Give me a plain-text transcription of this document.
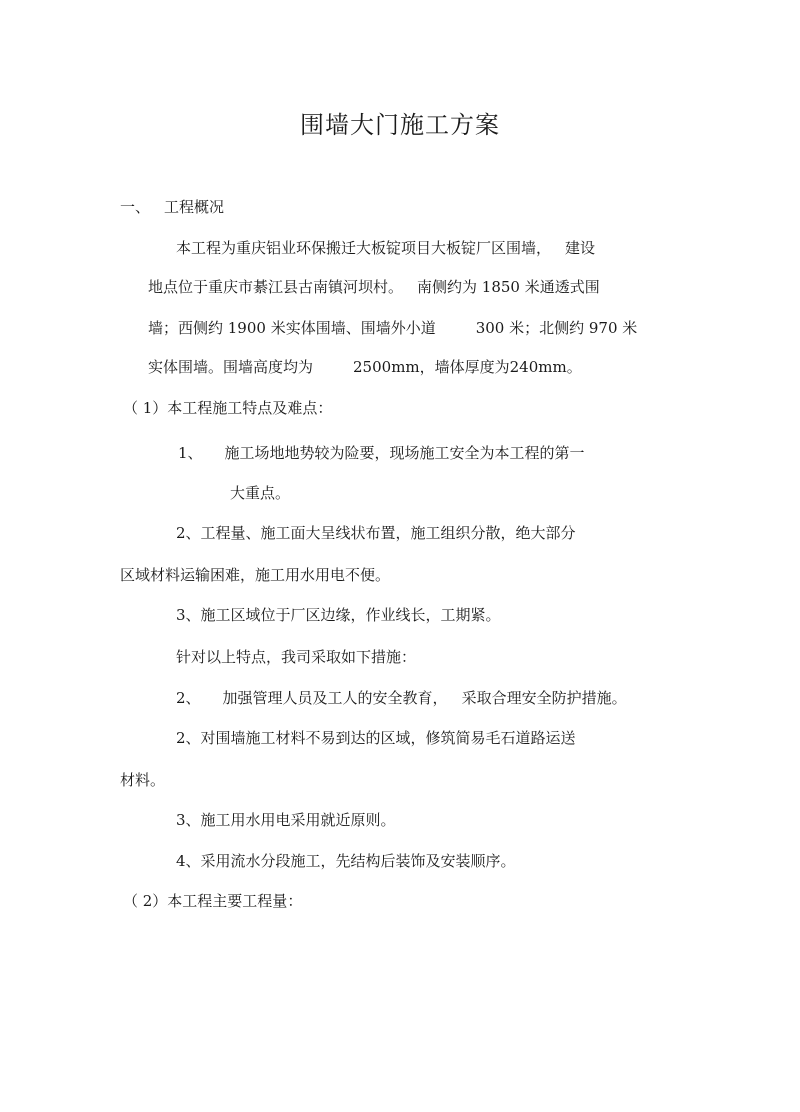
围墙大门施工方案
一、 工程概况
本工程为重庆铝业环保搬迁大板锭项目大板锭厂区围墙， 建设
地点位于重庆市綦江县古南镇河坝村。 南侧约为 1850 米通透式围
墙；西侧约 1900 米实体围墙、围墙外小道	300 米；北侧约 970 米
实体围墙。围墙高度均为	2500mm，墙体厚度为240mm。
（ 1）本工程施工特点及难点：
1、 施工场地地势较为险要，现场施工安全为本工程的第一
大重点。
2、工程量、施工面大呈线状布置，施工组织分散，绝大部分
区域材料运输困难，施工用水用电不便。
3、施工区域位于厂区边缘，作业线长，工期紧。
针对以上特点，我司采取如下措施：
2、 加强管理人员及工人的安全教育， 采取合理安全防护措施。
2、对围墙施工材料不易到达的区域，修筑简易毛石道路运送
材料。
3、施工用水用电采用就近原则。
4、采用流水分段施工，先结构后装饰及安装顺序。
（ 2）本工程主要工程量：
